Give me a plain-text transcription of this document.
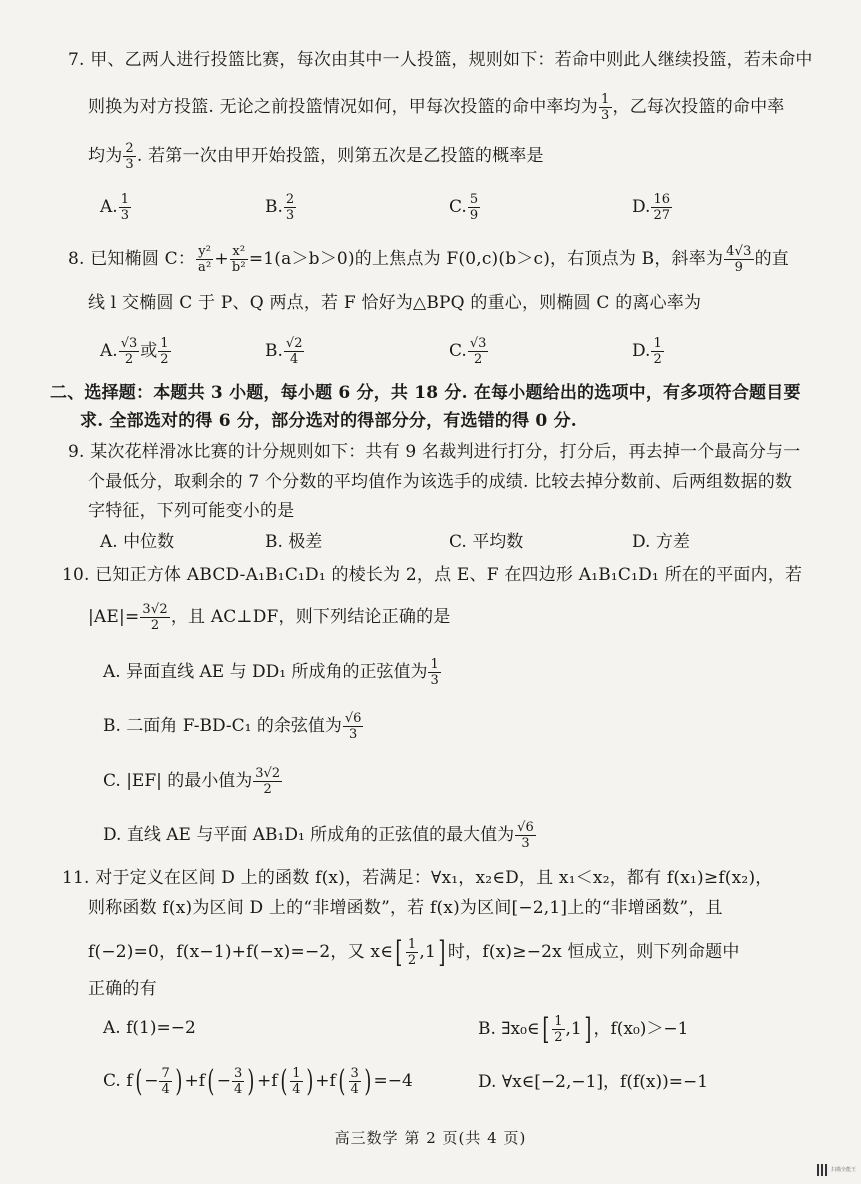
7. 甲、乙两人进行投篮比赛，每次由其中一人投篮，规则如下：若命中则此人继续投篮，若未命中
则换为对方投篮. 无论之前投篮情况如何，甲每次投篮的命中率均为 $\frac{1}{3}$ ，乙每次投篮的命中率
均为 $\frac{2}{3}$ . 若第一次由甲开始投篮，则第五次是乙投篮的概率是
A. $\frac{1}{3}$	B. $\frac{2}{3}$	C. $\frac{5}{9}$	D. $\frac{16}{27}$
8. 已知椭圆 C： $\frac{\text{y²}}{\text{a²}} + \frac{\text{x²}}{\text{b²}} =1(a>b>0)$的上焦点为 F(0,c)(b＞c)，右顶点为 B，斜率为 $\frac{4√3}{9}$ 的直
线 l 交椭圆 C 于 P、Q 两点，若 F 恰好为△BPQ 的重心，则椭圆 C 的离心率为
A. $\frac{√3}{2}$ 或 $\frac{1}{2}$	B. $\frac{√2}{4}$	C. $\frac{√3}{2}$	D. $\frac{1}{2}$
二、选择题：本题共 3 小题，每小题 6 分，共 18 分. 在每小题给出的选项中，有多项符合题目要
求. 全部选对的得 6 分，部分选对的得部分分，有选错的得 0 分.
9. 某次花样滑冰比赛的计分规则如下：共有 9 名裁判进行打分，打分后，再去掉一个最高分与一
个最低分，取剩余的 7 个分数的平均值作为该选手的成绩. 比较去掉分数前、后两组数据的数
字特征，下列可能变小的是
A. 中位数	B. 极差	C. 平均数	D. 方差
10. 已知正方体 ABCD-A₁B₁C₁D₁ 的棱长为 2，点 E、F 在四边形 A₁B₁C₁D₁ 所在的平面内，若
$|AE|= \frac{3√2}{2}$ ，且 AC⊥DF，则下列结论正确的是
A. 异面直线 AE 与 DD₁ 所成角的正弦值为 $\frac{1}{3}$
B. 二面角 F-BD-C₁ 的余弦值为 $\frac{√6}{3}$
C. |EF| 的最小值为 $\frac{3√2}{2}$
D. 直线 AE 与平面 AB₁D₁ 所成角的正弦值的最大值为 $\frac{√6}{3}$
11. 对于定义在区间 D 上的函数 f(x)，若满足：∀x₁，x₂∈D，且 x₁＜x₂，都有 f(x₁)≥f(x₂)，
则称函数 f(x)为区间 D 上的“非增函数”，若 f(x)为区间[−2,1]上的“非增函数”，且
f(−2)=0，f(x−1)+f(−x)=−2，又 x∈[ $\frac{1}{2} ,1$] 时，f(x)≥−2x 恒成立，则下列命题中
正确的有
A. f(1)=−2	B. ∃x₀∈[ $\frac{1}{2} ,1$] ，f(x₀)＞−1
C. $f( - \frac{7}{4}$ ) $+f( - \frac{3}{4}$ ) $+f( \frac{1}{4}$ ) $+f( \frac{3}{4}$ ) =−4	D. ∀x∈[−2,−1]，f(f(x))=−1
高三数学 第 2 页(共 4 页)
扫描全能王
